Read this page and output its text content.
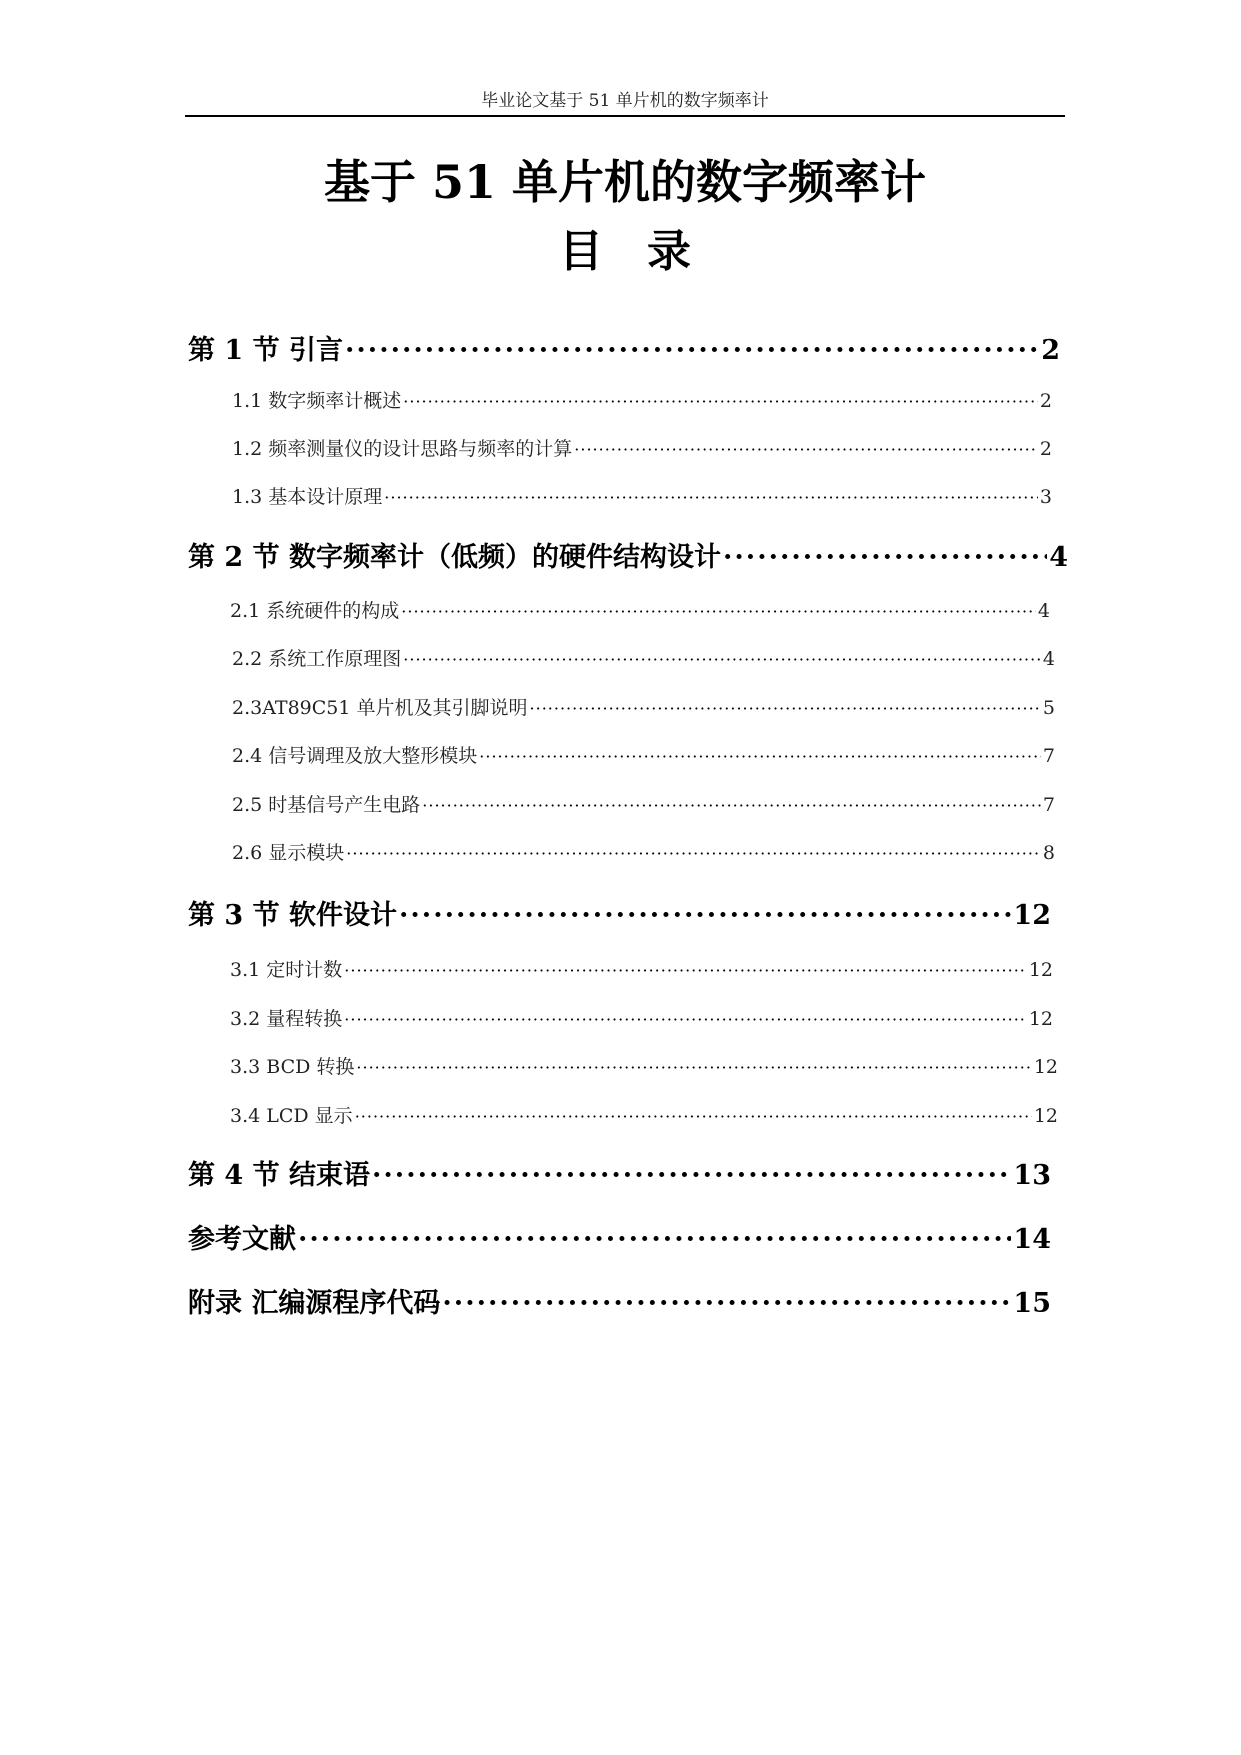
毕业论文基于 51 单片机的数字频率计
基于 51 单片机的数字频率计
目　录
第 1 节 引言 ·····	2
1.1 数字频率计概述 ·····	2
1.2 频率测量仪的设计思路与频率的计算 ·····	2
1.3 基本设计原理 ·····	3
第 2 节 数字频率计（低频）的硬件结构设计 ·····	4
2.1 系统硬件的构成 ·····	4
2.2 系统工作原理图 ·····	4
2.3AT89C51 单片机及其引脚说明 ·····	5
2.4 信号调理及放大整形模块 ·····	7
2.5 时基信号产生电路 ·····	7
2.6 显示模块 ·····	8
第 3 节 软件设计 ·····	12
3.1 定时计数 ·····	12
3.2 量程转换 ·····	12
3.3 BCD 转换 ·····	12
3.4 LCD 显示 ·····	12
第 4 节 结束语 ·····	13
参考文献 ·····	14
附录 汇编源程序代码 ·····	15
